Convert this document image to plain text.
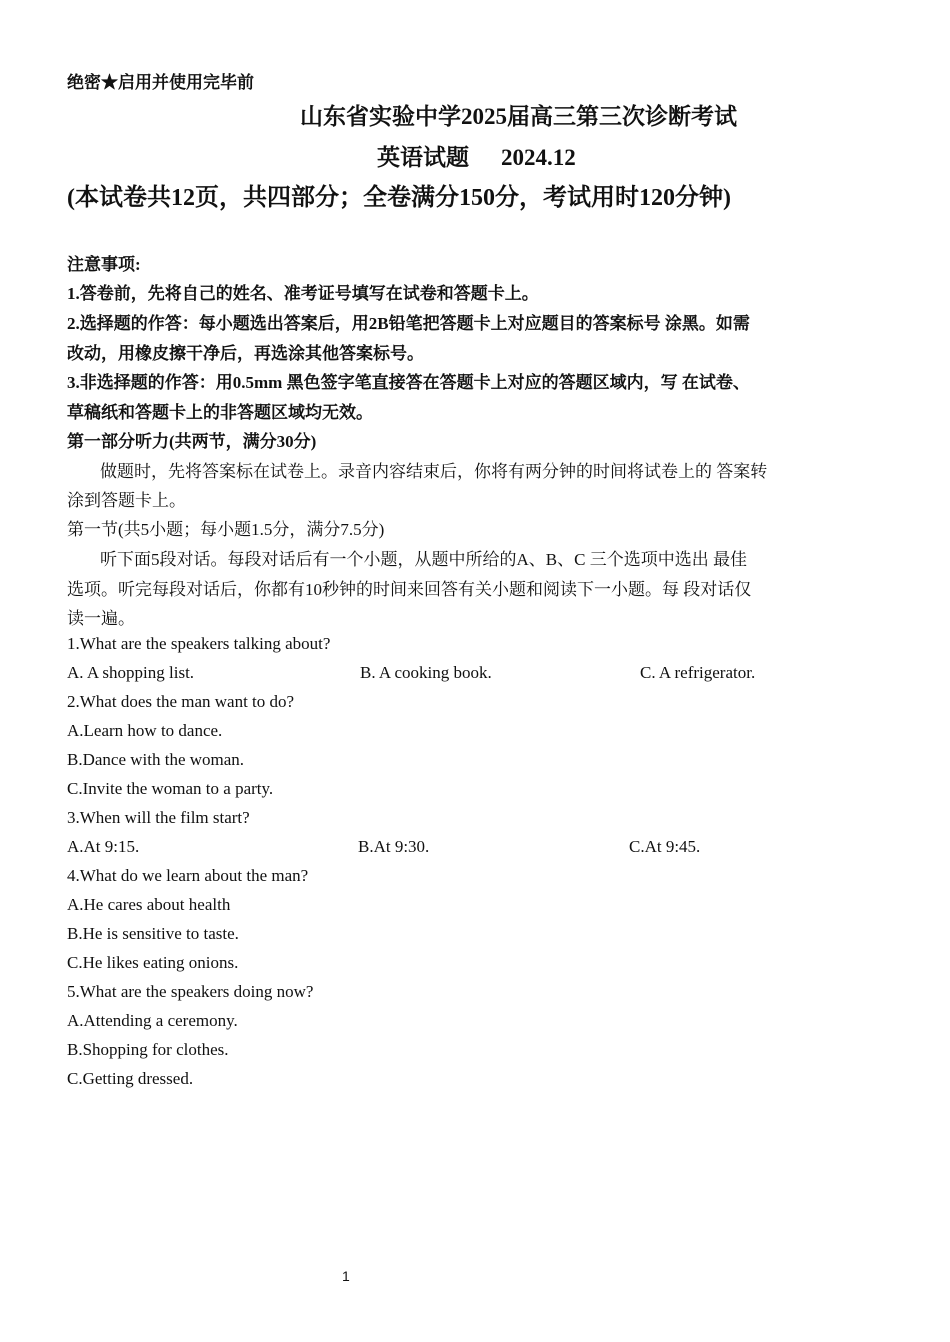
绝密★启用并使用完毕前
山东省实验中学2025届高三第三次诊断考试
英语试题 2024.12
(本试卷共12页，共四部分；全卷满分150分，考试用时120分钟)
注意事项:
1.答卷前，先将自己的姓名、准考证号填写在试卷和答题卡上。
2.选择题的作答：每小题选出答案后，用2B铅笔把答题卡上对应题目的答案标号 涂黑。如需
改动，用橡皮擦干净后，再选涂其他答案标号。
3.非选择题的作答：用0.5mm 黑色签字笔直接答在答题卡上对应的答题区域内，写 在试卷、
草稿纸和答题卡上的非答题区域均无效。
第一部分听力(共两节，满分30分)
做题时，先将答案标在试卷上。录音内容结束后，你将有两分钟的时间将试卷上的 答案转
涂到答题卡上。
第一节(共5小题；每小题1.5分，满分7.5分)
听下面5段对话。每段对话后有一个小题，从题中所给的A、B、C 三个选项中选出 最佳
选项。听完每段对话后，你都有10秒钟的时间来回答有关小题和阅读下一小题。每 段对话仅
读一遍。
1.What are the speakers talking about?
A. A shopping list.	B. A cooking book.	C. A refrigerator.
2.What does the man want to do?
A.Learn how to dance.
B.Dance with the woman.
C.Invite the woman to a party.
3.When will the film start?
A.At 9:15.	B.At 9:30.	C.At 9:45.
4.What do we learn about the man?
A.He cares about health
B.He is sensitive to taste.
C.He likes eating onions.
5.What are the speakers doing now?
A.Attending a ceremony.
B.Shopping for clothes.
C.Getting dressed.
1
